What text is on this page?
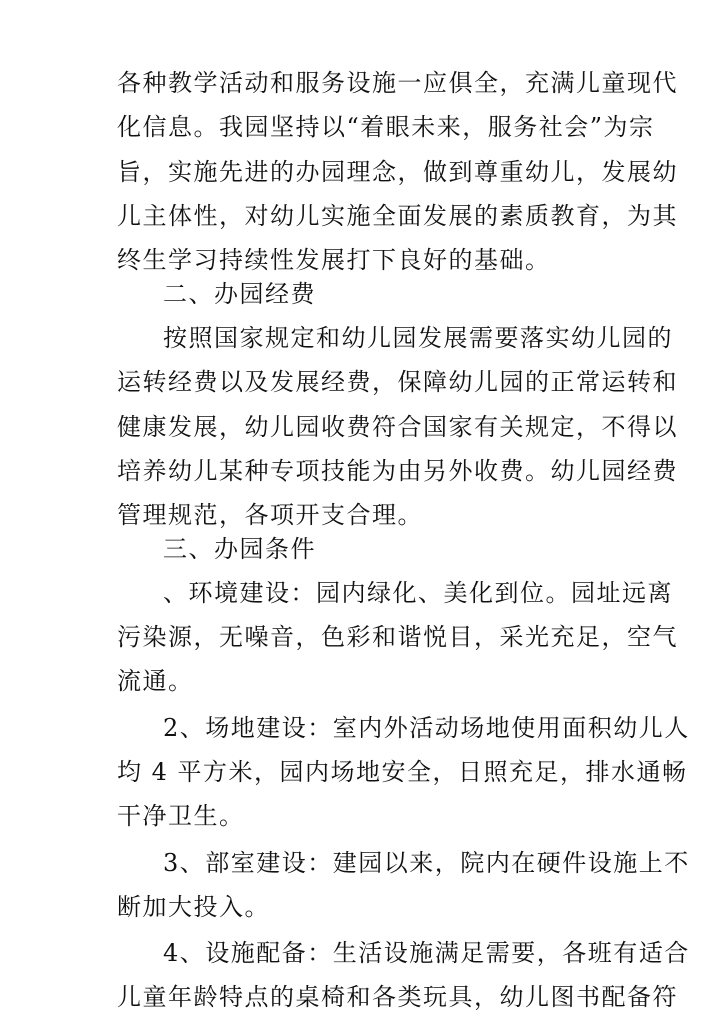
各种教学活动和服务设施一应俱全，充满儿童现代
化信息。我园坚持以“着眼未来，服务社会”为宗
旨，实施先进的办园理念，做到尊重幼儿，发展幼
儿主体性，对幼儿实施全面发展的素质教育，为其
终生学习持续性发展打下良好的基础。
二、办园经费
按照国家规定和幼儿园发展需要落实幼儿园的
运转经费以及发展经费，保障幼儿园的正常运转和
健康发展，幼儿园收费符合国家有关规定，不得以
培养幼儿某种专项技能为由另外收费。幼儿园经费
管理规范，各项开支合理。
三、办园条件
、环境建设：园内绿化、美化到位。园址远离
污染源，无噪音，色彩和谐悦目，采光充足，空气
流通。
2、场地建设：室内外活动场地使用面积幼儿人
均 4 平方米，园内场地安全，日照充足，排水通畅
干净卫生。
3、部室建设：建园以来，院内在硬件设施上不
断加大投入。
4、设施配备：生活设施满足需要，各班有适合
儿童年龄特点的桌椅和各类玩具，幼儿图书配备符
